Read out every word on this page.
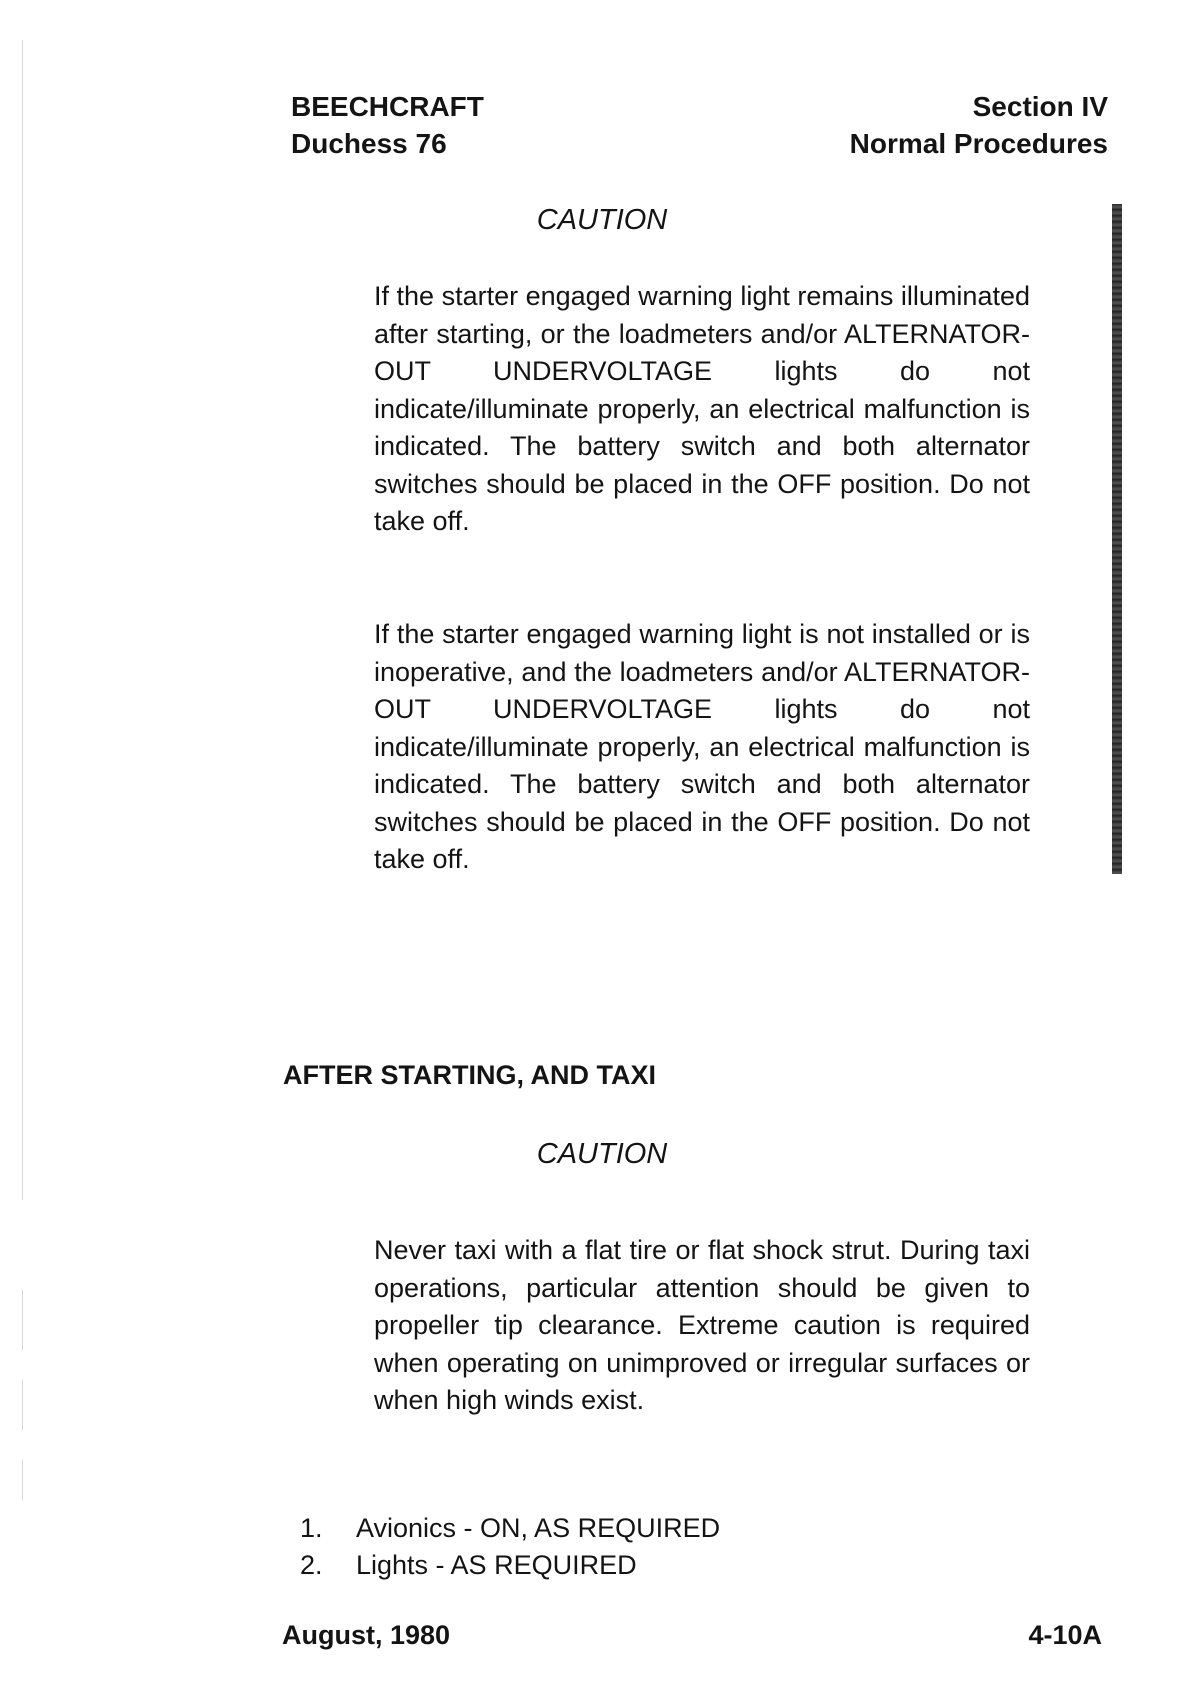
BEECHCRAFT
Duchess 76
Section IV
Normal Procedures
CAUTION

If the starter engaged warning light remains illuminated after starting, or the loadmeters and/or ALTERNATOR-OUT UNDERVOLTAGE lights do not indicate/illuminate properly, an electrical malfunction is indicated. The battery switch and both alternator switches should be placed in the OFF position. Do not take off.

If the starter engaged warning light is not installed or is inoperative, and the loadmeters and/or ALTERNATOR-OUT UNDERVOLTAGE lights do not indicate/illuminate properly, an electrical malfunction is indicated. The battery switch and both alternator switches should be placed in the OFF position. Do not take off.

AFTER STARTING, AND TAXI
CAUTION

Never taxi with a flat tire or flat shock strut. During taxi operations, particular attention should be given to propeller tip clearance. Extreme caution is required when operating on unimproved or irregular surfaces or when high winds exist.

1.	Avionics - ON, AS REQUIRED
2.	Lights - AS REQUIRED
August, 1980	4-10A
